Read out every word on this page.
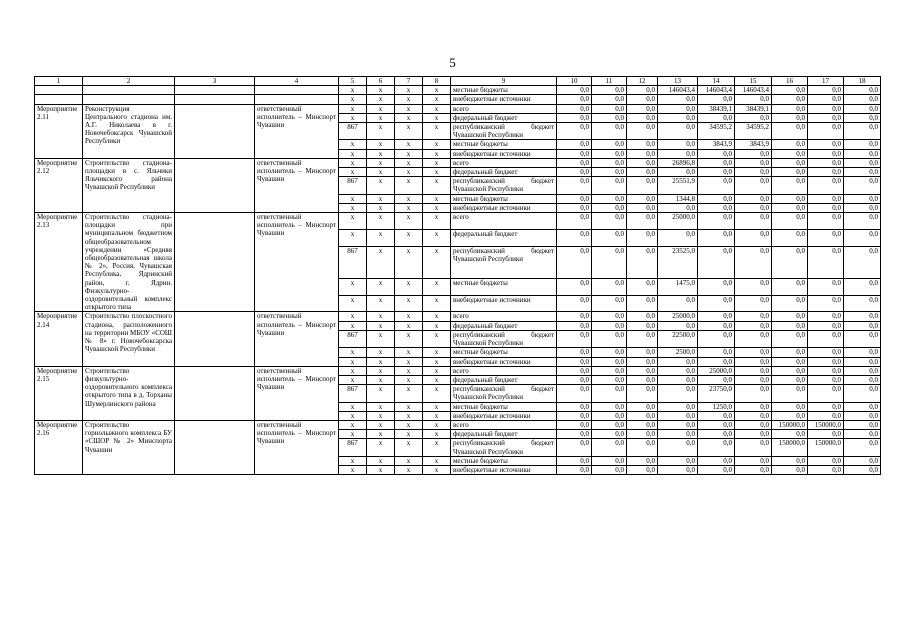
5
1	2	3	4	5	6	7	8	9	10	11	12	13	14	15	16	17	18
				x	x	x	x	местные бюджеты	0,0	0,0	0,0	146043,4	146043,4	146043,4	0,0	0,0	0,0
				x	x	x	x	внебюджетные источники	0,0	0,0	0,0	0,0	0,0	0,0	0,0	0,0	0,0
Мероприятие 2.11	Реконструкция Центрального стадиона им. А.Г. Николаева в г. Новочебоксарск Чувашской Республики		ответственный исполнитель – Минспорт Чувашии	x	x	x	x	всего	0,0	0,0	0,0	0,0	38439,1	38439,1	0,0	0,0	0,0
				x	x	x	x	федеральный бюджет	0,0	0,0	0,0	0,0	0,0	0,0	0,0	0,0	0,0
				867	x	x	x	республиканский бюджет Чувашской Республики	0,0	0,0	0,0	0,0	34595,2	34595,2	0,0	0,0	0,0
				x	x	x	x	местные бюджеты	0,0	0,0	0,0	0,0	3843,9	3843,9	0,0	0,0	0,0
				x	x	x	x	внебюджетные источники	0,0	0,0	0,0	0,0	0,0	0,0	0,0	0,0	0,0
Мероприятие 2.12	Строительство стадиона-площадки в с. Яльчики Яльчикского района Чувашской Республики		ответственный исполнитель – Минспорт Чувашии	x	x	x	x	всего	0,0	0,0	0,0	26896,8	0,0	0,0	0,0	0,0	0,0
				x	x	x	x	федеральный бюджет	0,0	0,0	0,0	0,0	0,0	0,0	0,0	0,0	0,0
				867	x	x	x	республиканский бюджет Чувашской Республики	0,0	0,0	0,0	25551,9	0,0	0,0	0,0	0,0	0,0
				x	x	x	x	местные бюджеты	0,0	0,0	0,0	1344,8	0,0	0,0	0,0	0,0	0,0
				x	x	x	x	внебюджетные источники	0,0	0,0	0,0	0,0	0,0	0,0	0,0	0,0	0,0
Мероприятие 2.13	Строительство стадиона-площадки при муниципальном бюджетном общеобразовательном учреждении «Средняя общеобразовательная школа № 2», Россия, Чувашская Республика, Ядринский район, г. Ядрин. Физкультурно-оздоровительный комплекс открытого типа		ответственный исполнитель – Минспорт Чувашии	x	x	x	x	всего	0,0	0,0	0,0	25000,0	0,0	0,0	0,0	0,0	0,0
				x	x	x	x	федеральный бюджет	0,0	0,0	0,0	0,0	0,0	0,0	0,0	0,0	0,0
				867	x	x	x	республиканский бюджет Чувашской Республики	0,0	0,0	0,0	23525,0	0,0	0,0	0,0	0,0	0,0
				x	x	x	x	местные бюджеты	0,0	0,0	0,0	1475,0	0,0	0,0	0,0	0,0	0,0
				x	x	x	x	внебюджетные источники	0,0	0,0	0,0	0,0	0,0	0,0	0,0	0,0	0,0
Мероприятие 2.14	Строительство плоскостного стадиона, расположенного на территории МБОУ «СОШ № 8» г. Новочебоксарска Чувашской Республики		ответственный исполнитель – Минспорт Чувашии	x	x	x	x	всего	0,0	0,0	0,0	25000,0	0,0	0,0	0,0	0,0	0,0
				x	x	x	x	федеральный бюджет	0,0	0,0	0,0	0,0	0,0	0,0	0,0	0,0	0,0
				867	x	x	x	республиканский бюджет Чувашской Республики	0,0	0,0	0,0	22500,0	0,0	0,0	0,0	0,0	0,0
				x	x	x	x	местные бюджеты	0,0	0,0	0,0	2500,0	0,0	0,0	0,0	0,0	0,0
				x	x	x	x	внебюджетные источники	0,0	0,0	0,0	0,0	0,0	0,0	0,0	0,0	0,0
Мероприятие 2.15	Строительство физкультурно-оздоровительного комплекса открытого типа в д. Торханы Шумерлинского района		ответственный исполнитель – Минспорт Чувашии	x	x	x	x	всего	0,0	0,0	0,0	0,0	25000,0	0,0	0,0	0,0	0,0
				x	x	x	x	федеральный бюджет	0,0	0,0	0,0	0,0	0,0	0,0	0,0	0,0	0,0
				867	x	x	x	республиканский бюджет Чувашской Республики	0,0	0,0	0,0	0,0	23750,0	0,0	0,0	0,0	0,0
				x	x	x	x	местные бюджеты	0,0	0,0	0,0	0,0	1250,0	0,0	0,0	0,0	0,0
				x	x	x	x	внебюджетные источники	0,0	0,0	0,0	0,0	0,0	0,0	0,0	0,0	0,0
Мероприятие 2.16	Строительство горнолыжного комплекса БУ «СШОР № 2» Минспорта Чувашии		ответственный исполнитель – Минспорт Чувашии	x	x	x	x	всего	0,0	0,0	0,0	0,0	0,0	0,0	150000,0	150000,0	0,0
				x	x	x	x	федеральный бюджет	0,0	0,0	0,0	0,0	0,0	0,0	0,0	0,0	0,0
				867	x	x	x	республиканский бюджет Чувашской Республики	0,0	0,0	0,0	0,0	0,0	0,0	150000,0	150000,0	0,0
				x	x	x	x	местные бюджеты	0,0	0,0	0,0	0,0	0,0	0,0	0,0	0,0	0,0
				x	x	x	x	внебюджетные источники	0,0	0,0	0,0	0,0	0,0	0,0	0,0	0,0	0,0
